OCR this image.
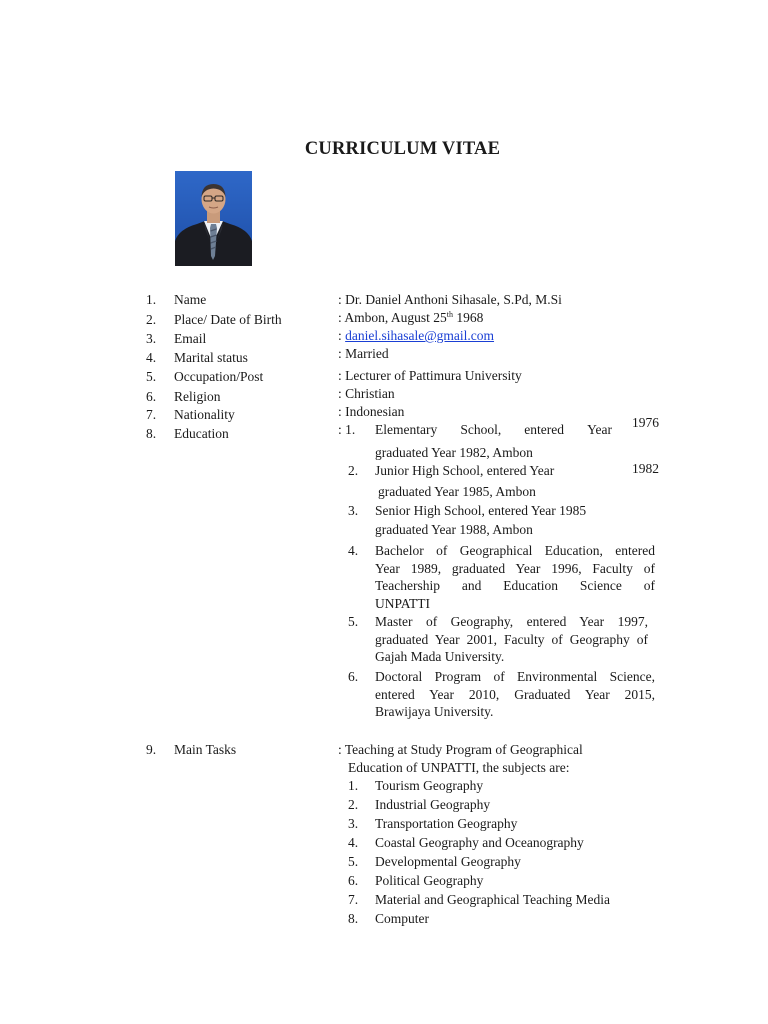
CURRICULUM VITAE
1. Name	: Dr. Daniel Anthoni Sihasale, S.Pd, M.Si
2. Place/ Date of Birth	: Ambon, August 25th 1968
3. Email	: daniel.sihasale@gmail.com
4. Marital status	: Married
5. Occupation/Post	: Lecturer of Pattimura University
6. Religion	: Christian
7. Nationality	: Indonesian
8. Education	: 1. Elementary School, entered Year 1976
graduated Year 1982, Ambon
2. Junior High School, entered Year	1982
graduated Year 1985, Ambon
3. Senior High School, entered Year 1985
graduated Year 1988, Ambon
4. Bachelor of Geographical Education, entered
Year 1989, graduated Year 1996, Faculty of
Teachership and Education Science of
UNPATTI
5. Master of Geography, entered Year 1997,
graduated Year 2001, Faculty of Geography of
Gajah Mada University.
6. Doctoral Program of Environmental Science,
entered Year 2010, Graduated Year 2015,
Brawijaya University.
9. Main Tasks	: Teaching at Study Program of Geographical
Education of UNPATTI, the subjects are:
1. Tourism Geography
2. Industrial Geography
3. Transportation Geography
4. Coastal Geography and Oceanography
5. Developmental Geography
6. Political Geography
7. Material and Geographical Teaching Media
8. Computer
